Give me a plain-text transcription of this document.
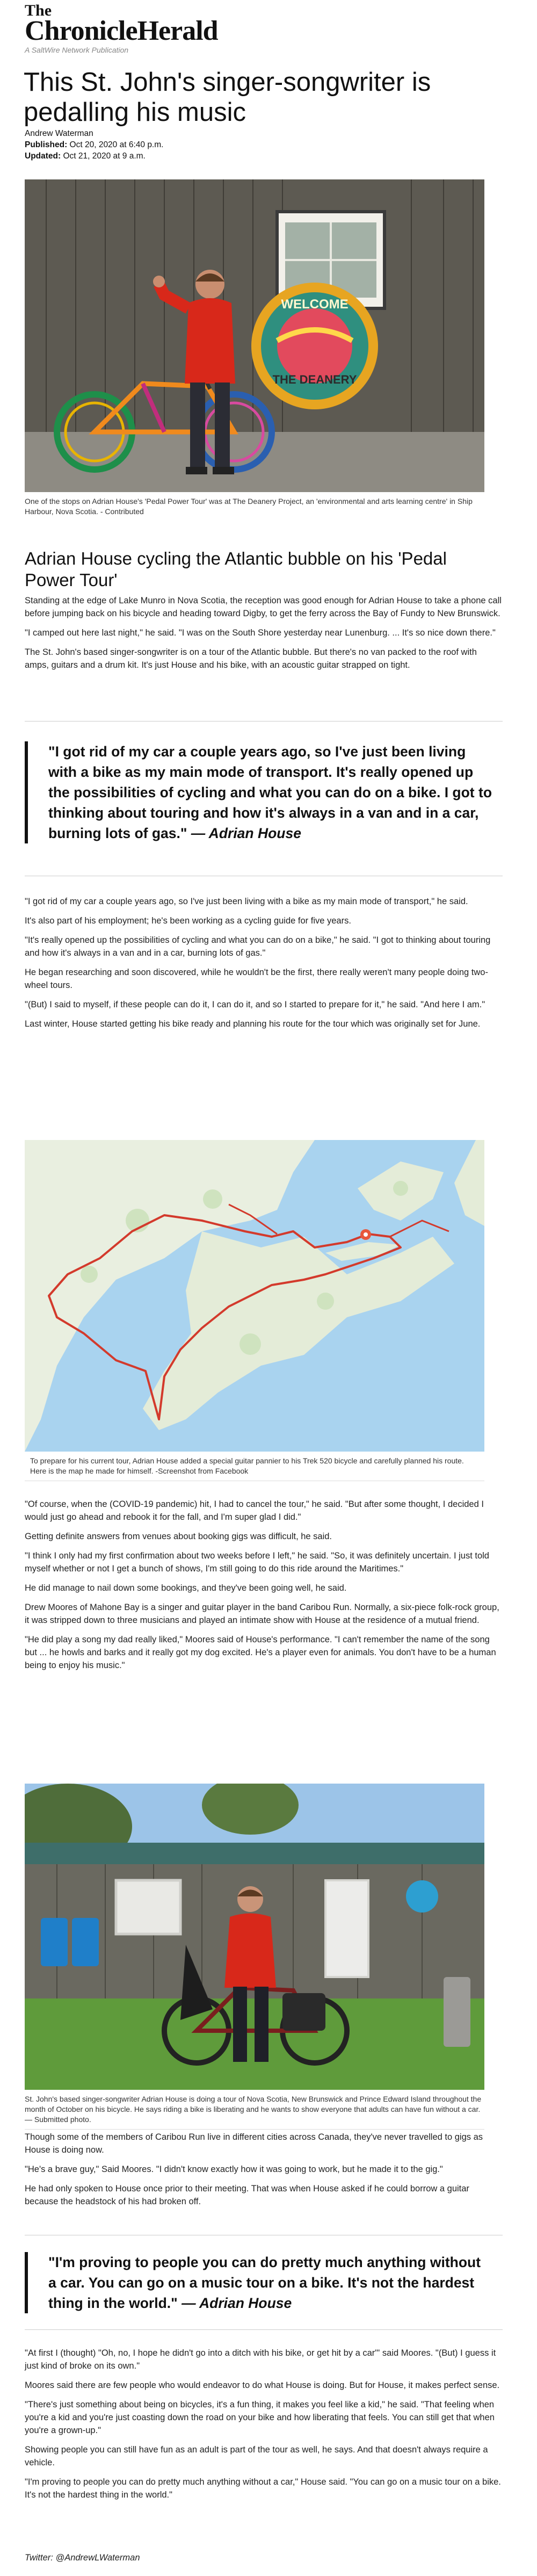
The
ChronicleHerald
A SaltWire Network Publication
This St. John's singer-songwriter is pedalling his music
Andrew Waterman
Published: Oct 20, 2020 at 6:40 p.m.
Updated: Oct 21, 2020 at 9 a.m.
WELCOME
THE DEANERY
One of the stops on Adrian House's 'Pedal Power Tour' was at The Deanery Project, an 'environmental and arts learning centre' in Ship Harbour, Nova Scotia. - Contributed
Adrian House cycling the Atlantic bubble on his 'Pedal Power Tour'

Standing at the edge of Lake Munro in Nova Scotia, the reception was good enough for Adrian House to take a phone call before jumping back on his bicycle and heading toward Digby, to get the ferry across the Bay of Fundy to New Brunswick.

"I camped out here last night," he said. "I was on the South Shore yesterday near Lunenburg. ... It's so nice down there."

The St. John's based singer-songwriter is on a tour of the Atlantic bubble. But there's no van packed to the roof with amps, guitars and a drum kit. It's just House and his bike, with an acoustic guitar strapped on tight.

"I got rid of my car a couple years ago, so I've just been living with a bike as my main mode of transport. It's really opened up the possibilities of cycling and what you can do on a bike. I got to thinking about touring and how it's always in a van and in a car, burning lots of gas." — Adrian House

"I got rid of my car a couple years ago, so I've just been living with a bike as my main mode of transport," he said.

It's also part of his employment; he's been working as a cycling guide for five years.

"It's really opened up the possibilities of cycling and what you can do on a bike," he said. "I got to thinking about touring and how it's always in a van and in a car, burning lots of gas."

He began researching and soon discovered, while he wouldn't be the first, there really weren't many people doing two-wheel tours.

"(But) I said to myself, if these people can do it, I can do it, and so I started to prepare for it," he said. "And here I am."

Last winter, House started getting his bike ready and planning his route for the tour which was originally set for June.

To prepare for his current tour, Adrian House added a special guitar pannier to his Trek 520 bicycle and carefully planned his route. Here is the map he made for himself. -Screenshot from Facebook

"Of course, when the (COVID-19 pandemic) hit, I had to cancel the tour," he said. "But after some thought, I decided I would just go ahead and rebook it for the fall, and I'm super glad I did."

Getting definite answers from venues about booking gigs was difficult, he said.

"I think I only had my first confirmation about two weeks before I left," he said. "So, it was definitely uncertain. I just told myself whether or not I get a bunch of shows, I'm still going to do this ride around the Maritimes."

He did manage to nail down some bookings, and they've been going well, he said.

Drew Moores of Mahone Bay is a singer and guitar player in the band Caribou Run. Normally, a six-piece folk-rock group, it was stripped down to three musicians and played an intimate show with House at the residence of a mutual friend.

"He did play a song my dad really liked," Moores said of House's performance. "I can't remember the name of the song but ... he howls and barks and it really got my dog excited. He's a player even for animals. You don't have to be a human being to enjoy his music."

St. John's based singer-songwriter Adrian House is doing a tour of Nova Scotia, New Brunswick and Prince Edward Island throughout the month of October on his bicycle. He says riding a bike is liberating and he wants to show everyone that adults can have fun without a car. — Submitted photo.

Though some of the members of Caribou Run live in different cities across Canada, they've never travelled to gigs as House is doing now.

"He's a brave guy," Said Moores. "I didn't know exactly how it was going to work, but he made it to the gig."

He had only spoken to House once prior to their meeting. That was when House asked if he could borrow a guitar because the headstock of his had broken off.

"I'm proving to people you can do pretty much anything without a car. You can go on a music tour on a bike. It's not the hardest thing in the world." — Adrian House

"At first I (thought) "Oh, no, I hope he didn't go into a ditch with his bike, or get hit by a car"' said Moores. "(But) I guess it just kind of broke on its own."

Moores said there are few people who would endeavor to do what House is doing. But for House, it makes perfect sense.

"There's just something about being on bicycles, it's a fun thing, it makes you feel like a kid," he said. "That feeling when you're a kid and you're just coasting down the road on your bike and how liberating that feels. You can still get that when you're a grown-up."

Showing people you can still have fun as an adult is part of the tour as well, he says. And that doesn't always require a vehicle.

"I'm proving to people you can do pretty much anything without a car," House said. "You can go on a music tour on a bike. It's not the hardest thing in the world."

Twitter: @AndrewLWaterman
